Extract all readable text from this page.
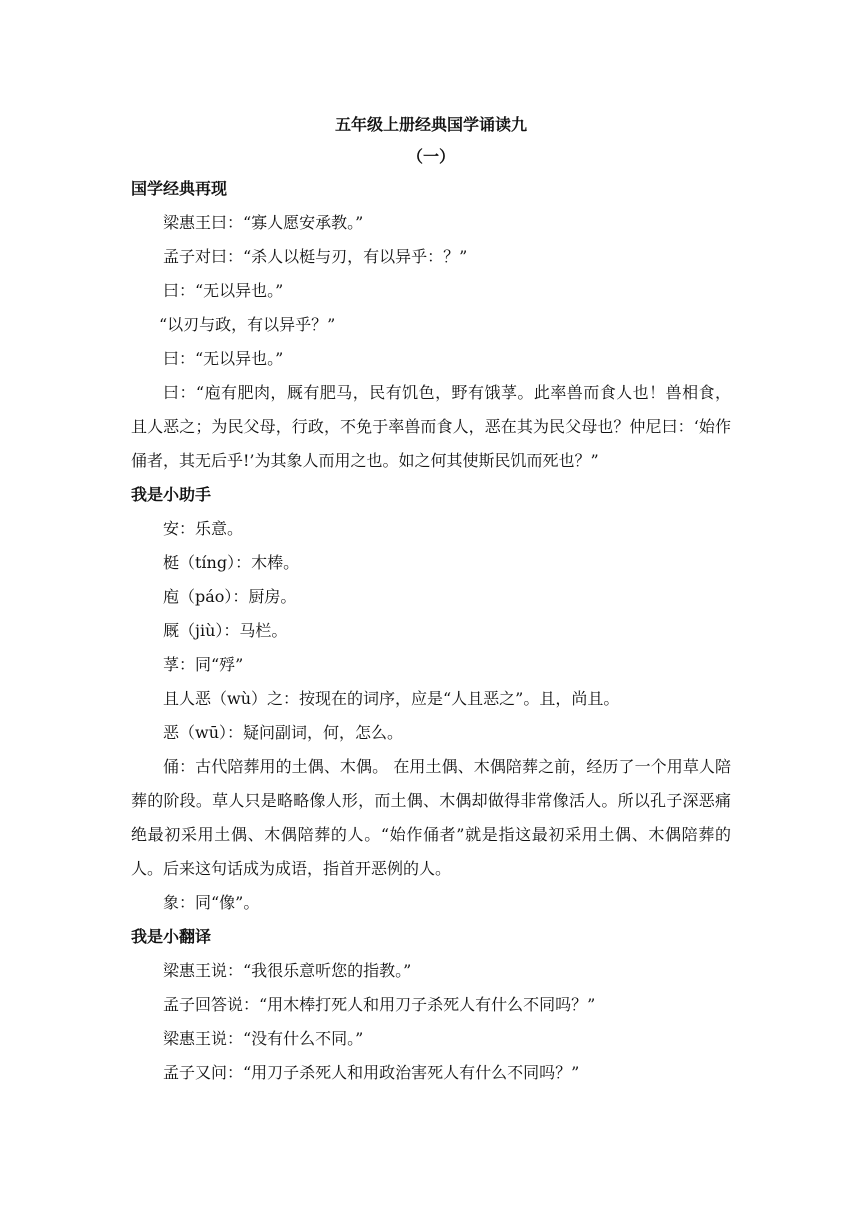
五年级上册经典国学诵读九
（一）
国学经典再现
梁惠王曰：“寡人愿安承教。”
孟子对曰：“杀人以梃与刃，有以异乎：？”
曰：“无以异也。”
“以刃与政，有以异乎？”
曰：“无以异也。”
曰：“庖有肥肉，厩有肥马，民有饥色，野有饿莩。此率兽而食人也！兽相食，且人恶之；为民父母，行政，不免于率兽而食人，恶在其为民父母也？仲尼曰：‘始作俑者，其无后乎!’为其象人而用之也。如之何其使斯民饥而死也？”
我是小助手
安：乐意。
梃（tíng）：木棒。
庖（páo）：厨房。
厩（jiù）：马栏。
莩：同“殍”
且人恶（wù）之：按现在的词序，应是“人且恶之”。且，尚且。
恶（wū）：疑问副词，何，怎么。
俑：古代陪葬用的土偶、木偶。 在用土偶、木偶陪葬之前，经历了一个用草人陪葬的阶段。草人只是略略像人形，而土偶、木偶却做得非常像活人。所以孔子深恶痛绝最初采用土偶、木偶陪葬的人。“始作俑者”就是指这最初采用土偶、木偶陪葬的人。后来这句话成为成语，指首开恶例的人。
象：同“像”。
我是小翻译
梁惠王说：“我很乐意听您的指教。”
孟子回答说：“用木棒打死人和用刀子杀死人有什么不同吗？”
梁惠王说：“没有什么不同。”
孟子又问：“用刀子杀死人和用政治害死人有什么不同吗？”
